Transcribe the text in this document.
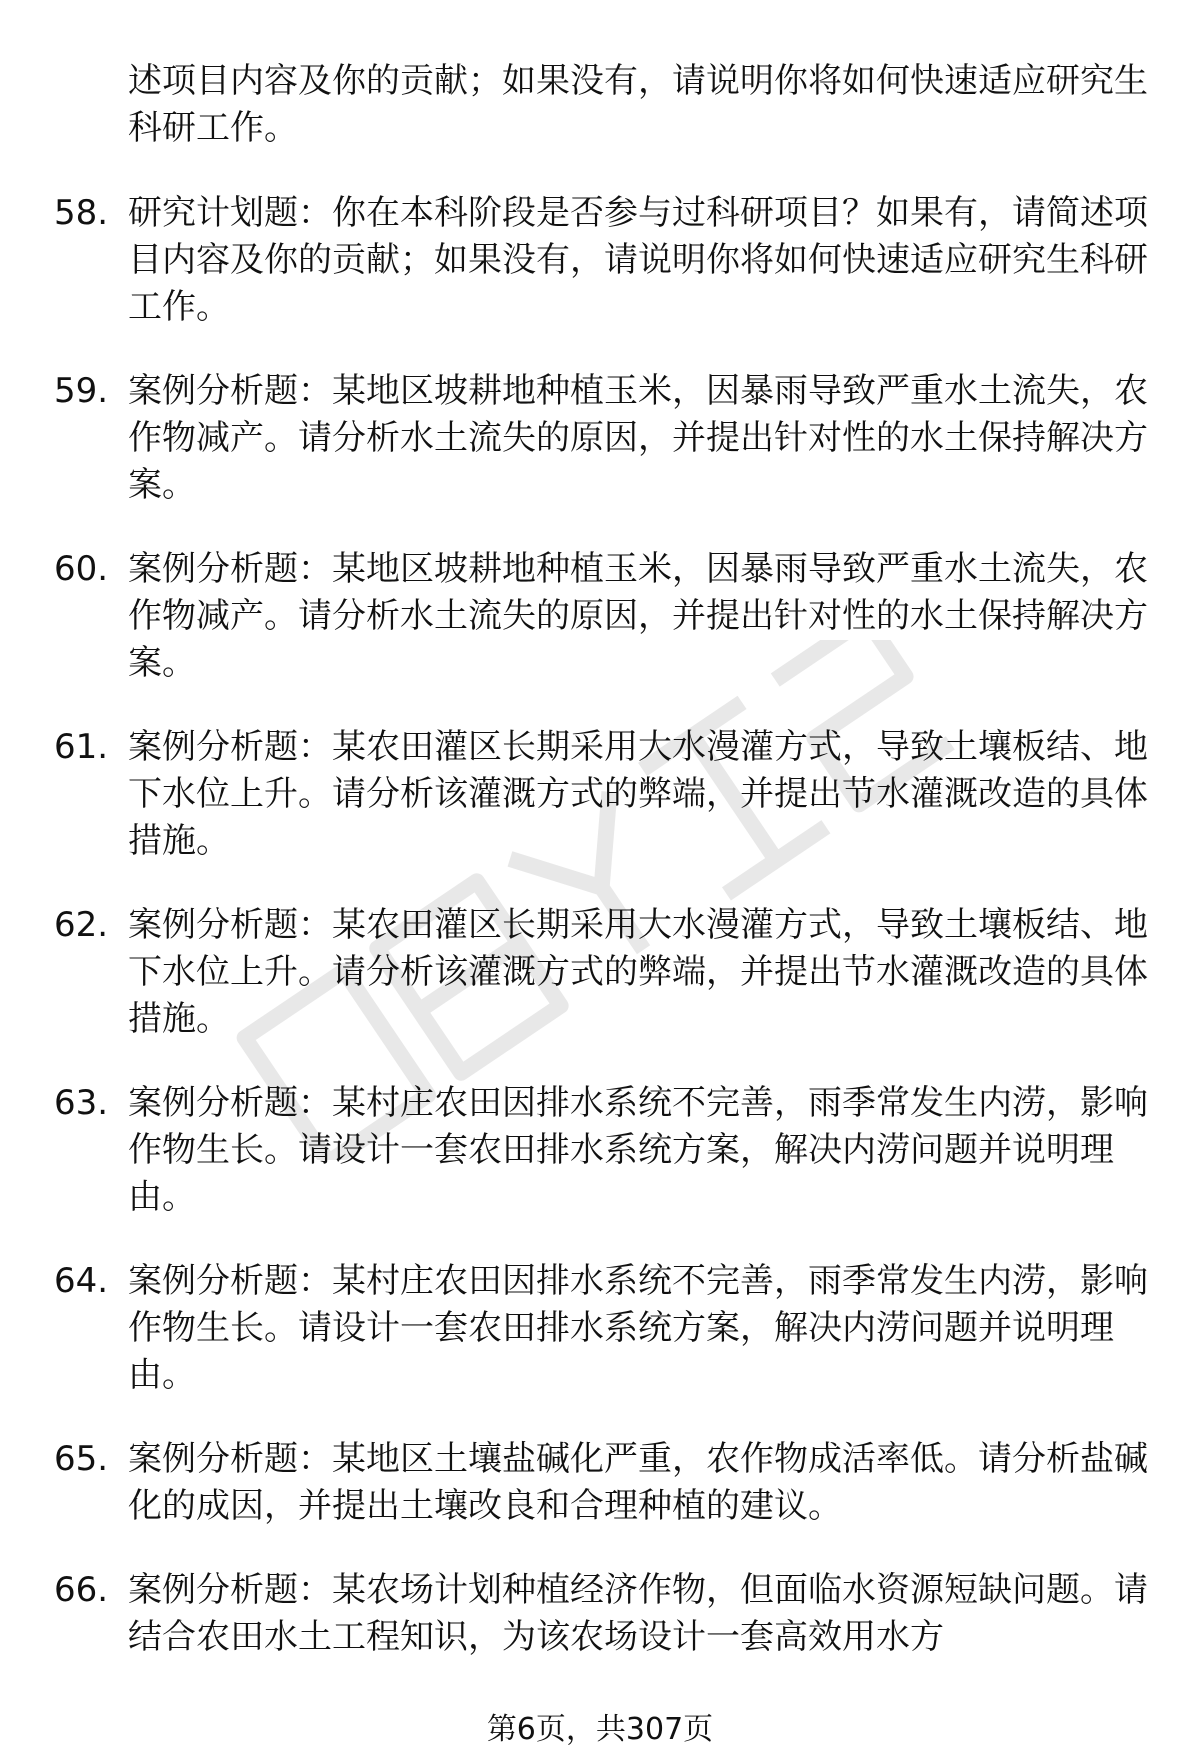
述项目内容及你的贡献；如果没有，请说明你将如何快速适应研究生科研工作。

58. 研究计划题：你在本科阶段是否参与过科研项目？如果有，请简述项目内容及你的贡献；如果没有，请说明你将如何快速适应研究生科研工作。
59. 案例分析题：某地区坡耕地种植玉米，因暴雨导致严重水土流失，农作物减产。请分析水土流失的原因，并提出针对性的水土保持解决方案。
60. 案例分析题：某地区坡耕地种植玉米，因暴雨导致严重水土流失，农作物减产。请分析水土流失的原因，并提出针对性的水土保持解决方案。
61. 案例分析题：某农田灌区长期采用大水漫灌方式，导致土壤板结、地下水位上升。请分析该灌溉方式的弊端，并提出节水灌溉改造的具体措施。
62. 案例分析题：某农田灌区长期采用大水漫灌方式，导致土壤板结、地下水位上升。请分析该灌溉方式的弊端，并提出节水灌溉改造的具体措施。
63. 案例分析题：某村庄农田因排水系统不完善，雨季常发生内涝，影响作物生长。请设计一套农田排水系统方案，解决内涝问题并说明理由。
64. 案例分析题：某村庄农田因排水系统不完善，雨季常发生内涝，影响作物生长。请设计一套农田排水系统方案，解决内涝问题并说明理由。
65. 案例分析题：某地区土壤盐碱化严重，农作物成活率低。请分析盐碱化的成因，并提出土壤改良和合理种植的建议。
66. 案例分析题：某农场计划种植经济作物，但面临水资源短缺问题。请结合农田水土工程知识，为该农场设计一套高效用水方
第6页，共307页
